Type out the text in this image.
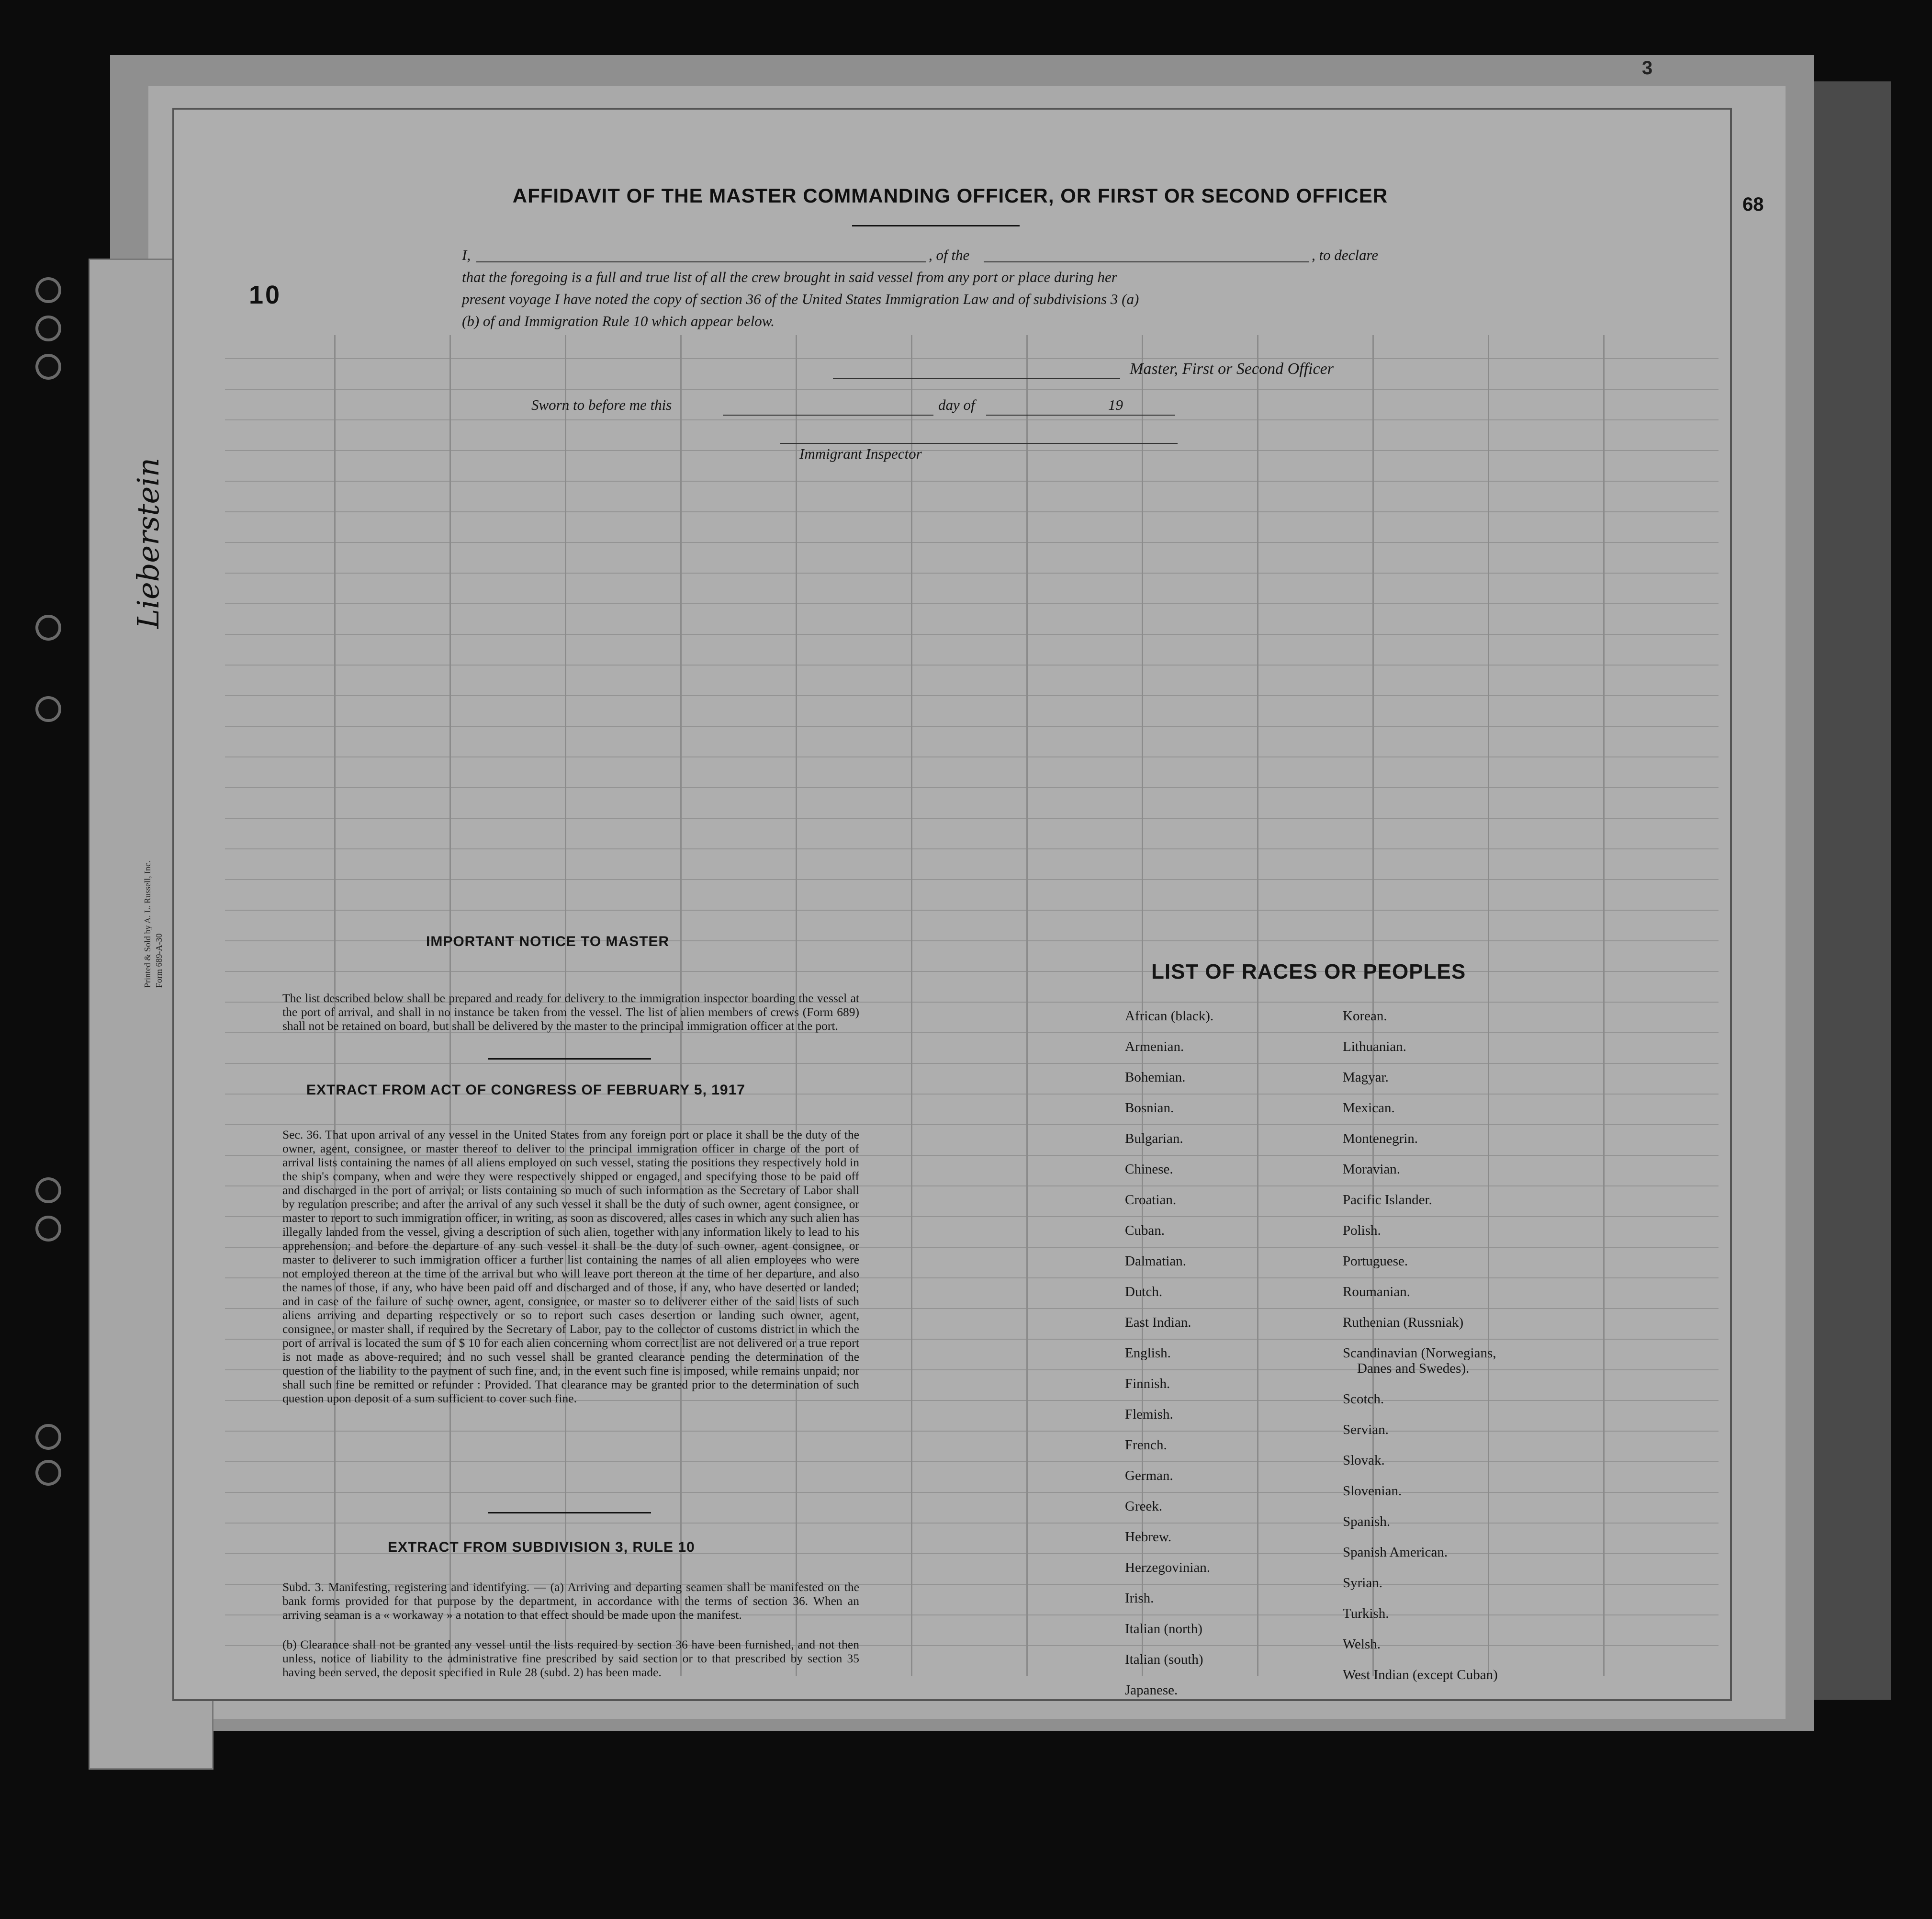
3
Lieberstein
Printed & Sold by A. L. Russell, Inc. Form 689-A-30
10
68
AFFIDAVIT OF THE MASTER COMMANDING OFFICER, OR FIRST OR SECOND OFFICER
I,	, of the	, to declare
that the foregoing is a full and true list of all the crew brought in said vessel from any port or place during her
present voyage I have noted the copy of section 36 of the United States Immigration Law and of subdivisions 3 (a)
(b) of and Immigration Rule 10 which appear below.
Master, First or Second Officer
Sworn to before me this	day of	19
Immigrant Inspector
IMPORTANT NOTICE TO MASTER
The list described below shall be prepared and ready for delivery to the immigration inspector boarding the vessel at the port of arrival, and shall in no instance be taken from the vessel. The list of alien members of crews (Form 689) shall not be retained on board, but shall be delivered by the master to the principal immigration officer at the port.
EXTRACT FROM ACT OF CONGRESS OF FEBRUARY 5, 1917
Sec. 36. That upon arrival of any vessel in the United States from any foreign port or place it shall be the duty of the owner, agent, consignee, or master thereof to deliver to the principal immigration officer in charge of the port of arrival lists containing the names of all aliens employed on such vessel, stating the positions they respectively hold in the ship's company, when and were they were respectively shipped or engaged, and specifying those to be paid off and discharged in the port of arrival; or lists containing so much of such information as the Secretary of Labor shall by regulation prescribe; and after the arrival of any such vessel it shall be the duty of such owner, agent consignee, or master to report to such immigration officer, in writing, as soon as discovered, alles cases in which any such alien has illegally landed from the vessel, giving a description of such alien, together with any information likely to lead to his apprehension; and before the departure of any such vessel it shall be the duty of such owner, agent consignee, or master to deliverer to such immigration officer a further list containing the names of all alien employees who were not employed thereon at the time of the arrival but who will leave port thereon at the time of her departure, and also the names of those, if any, who have been paid off and discharged and of those, if any, who have deserted or landed; and in case of the failure of suche owner, agent, consignee, or master so to deliverer either of the said lists of such aliens arriving and departing respectively or so to report such cases desertion or landing such owner, agent, consignee, or master shall, if required by the Secretary of Labor, pay to the collector of customs district in which the port of arrival is located the sum of $ 10 for each alien concerning whom correct list are not delivered or a true report is not made as above-required; and no such vessel shall be granted clearance pending the determination of the question of the liability to the payment of such fine, and, in the event such fine is imposed, while remains unpaid; nor shall such fine be remitted or refunder : Provided. That clearance may be granted prior to the determination of such question upon deposit of a sum sufficient to cover such fine.
EXTRACT FROM SUBDIVISION 3, RULE 10
Subd. 3. Manifesting, registering and identifying. — (a) Arriving and departing seamen shall be manifested on the bank forms provided for that purpose by the department, in accordance with the terms of section 36. When an arriving seaman is a « workaway » a notation to that effect should be made upon the manifest.
(b) Clearance shall not be granted any vessel until the lists required by section 36 have been furnished, and not then unless, notice of liability to the administrative fine prescribed by said section or to that prescribed by section 35 having been served, the deposit specified in Rule 28 (subd. 2) has been made.
LIST OF RACES OR PEOPLES
African (black).
Armenian.
Bohemian.
Bosnian.
Bulgarian.
Chinese.
Croatian.
Cuban.
Dalmatian.
Dutch.
East Indian.
English.
Finnish.
Flemish.
French.
German.
Greek.
Hebrew.
Herzegovinian.
Irish.
Italian (north)
Italian (south)
Japanese.
Korean.
Lithuanian.
Magyar.
Mexican.
Montenegrin.
Moravian.
Pacific Islander.
Polish.
Portuguese.
Roumanian.
Ruthenian (Russniak)
Scandinavian (Norwegians,
Danes and Swedes).
Scotch.
Servian.
Slovak.
Slovenian.
Spanish.
Spanish American.
Syrian.
Turkish.
Welsh.
West Indian (except Cuban)
